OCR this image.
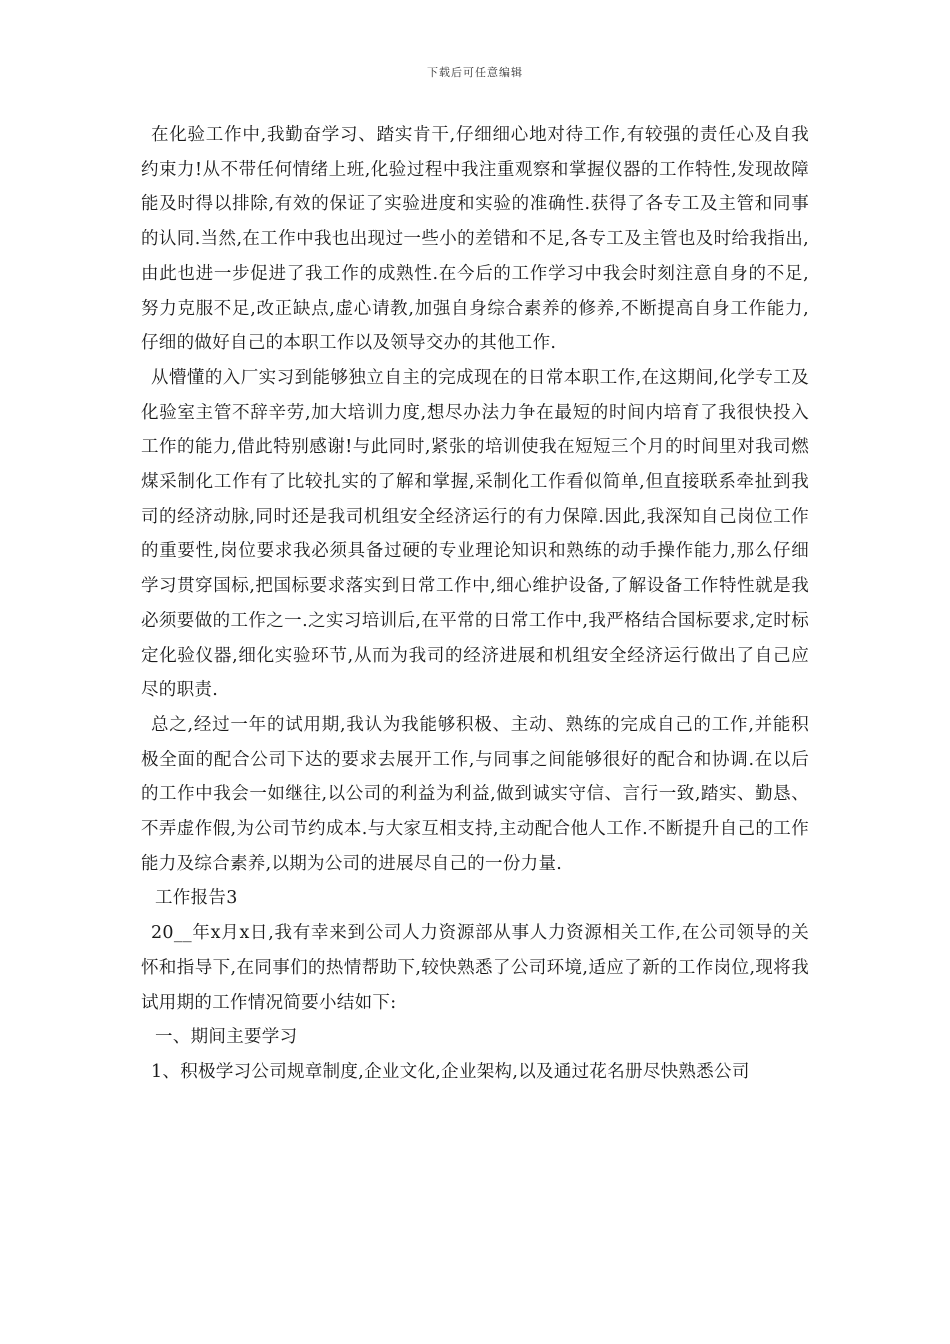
下载后可任意编辑

在化验工作中,我勤奋学习、踏实肯干,仔细细心地对待工作,有较强的责任心及自我约束力!从不带任何情绪上班,化验过程中我注重观察和掌握仪器的工作特性,发现故障能及时得以排除,有效的保证了实验进度和实验的准确性.获得了各专工及主管和同事的认同.当然,在工作中我也出现过一些小的差错和不足,各专工及主管也及时给我指出,由此也进一步促进了我工作的成熟性.在今后的工作学习中我会时刻注意自身的不足,努力克服不足,改正缺点,虚心请教,加强自身综合素养的修养,不断提高自身工作能力,仔细的做好自己的本职工作以及领导交办的其他工作.

从懵懂的入厂实习到能够独立自主的完成现在的日常本职工作,在这期间,化学专工及化验室主管不辞辛劳,加大培训力度,想尽办法力争在最短的时间内培育了我很快投入工作的能力,借此特别感谢!与此同时,紧张的培训使我在短短三个月的时间里对我司燃煤采制化工作有了比较扎实的了解和掌握,采制化工作看似简单,但直接联系牵扯到我司的经济动脉,同时还是我司机组安全经济运行的有力保障.因此,我深知自己岗位工作的重要性,岗位要求我必须具备过硬的专业理论知识和熟练的动手操作能力,那么仔细学习贯穿国标,把国标要求落实到日常工作中,细心维护设备,了解设备工作特性就是我必须要做的工作之一.之实习培训后,在平常的日常工作中,我严格结合国标要求,定时标定化验仪器,细化实验环节,从而为我司的经济进展和机组安全经济运行做出了自己应尽的职责.

总之,经过一年的试用期,我认为我能够积极、主动、熟练的完成自己的工作,并能积极全面的配合公司下达的要求去展开工作,与同事之间能够很好的配合和协调.在以后的工作中我会一如继往,以公司的利益为利益,做到诚实守信、言行一致,踏实、勤恳、不弄虚作假,为公司节约成本.与大家互相支持,主动配合他人工作.不断提升自己的工作能力及综合素养,以期为公司的进展尽自己的一份力量.

工作报告3

20__年x月x日,我有幸来到公司人力资源部从事人力资源相关工作,在公司领导的关怀和指导下,在同事们的热情帮助下,较快熟悉了公司环境,适应了新的工作岗位,现将我试用期的工作情况简要小结如下:

一、期间主要学习

1、积极学习公司规章制度,企业文化,企业架构,以及通过花名册尽快熟悉公司
